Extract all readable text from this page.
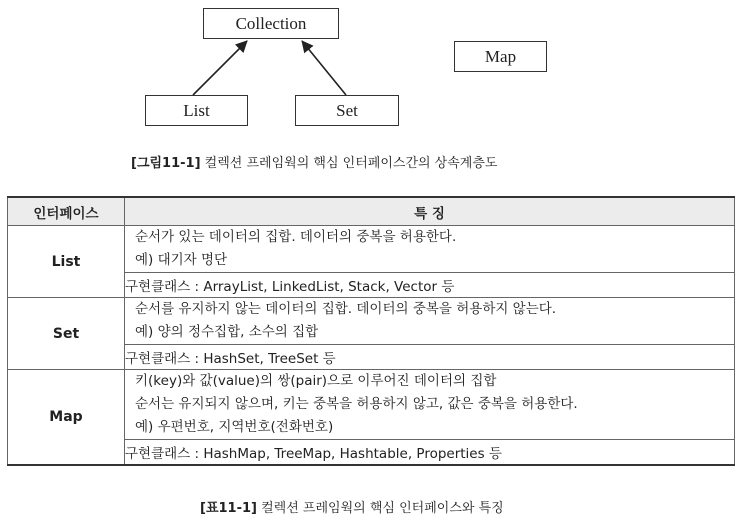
Collection
List	Set
Map
[그림11-1] 컬렉션 프레임웍의 핵심 인터페이스간의 상속계층도
인터페이스	특 징
List	순서가 있는 데이터의 집합. 데이터의 중복을 허용한다.
예) 대기자 명단

	구현클래스 : ArrayList, LinkedList, Stack, Vector 등
Set	순서를 유지하지 않는 데이터의 집합. 데이터의 중복을 허용하지 않는다.
예) 양의 정수집합, 소수의 집합

	구현클래스 : HashSet, TreeSet 등
Map	키(key)와 값(value)의 쌍(pair)으로 이루어진 데이터의 집합
순서는 유지되지 않으며, 키는 중복을 허용하지 않고, 값은 중복을 허용한다.
예) 우편번호, 지역번호(전화번호)

	구현클래스 : HashMap, TreeMap, Hashtable, Properties 등
[표11-1] 컬렉션 프레임웍의 핵심 인터페이스와 특징
